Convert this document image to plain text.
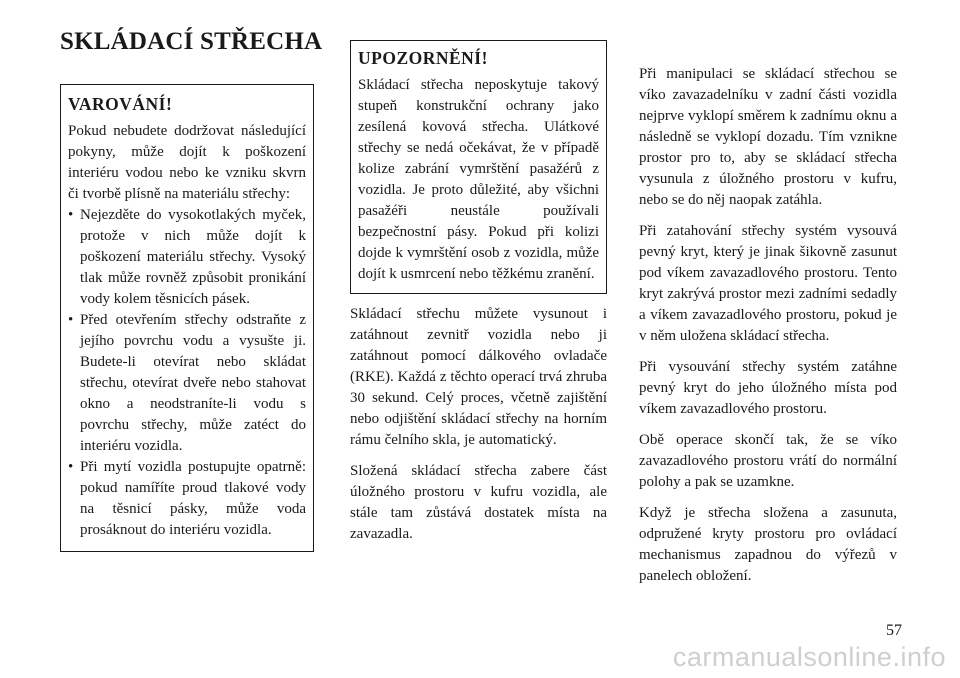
SKLÁDACÍ STŘECHA
VAROVÁNÍ!

Pokud nebudete dodržovat následující pokyny, může dojít k poškození interiéru vodou nebo ke vzniku skvrn či tvorbě plísně na materiálu střechy:

• Nejezděte do vysokotlakých myček, protože v nich může dojít k poškození materiálu střechy. Vysoký tlak může rovněž způsobit pronikání vody kolem těsnicích pásek.
• Před otevřením střechy odstraňte z jejího povrchu vodu a vysušte ji. Budete-li otevírat nebo skládat střechu, otevírat dveře nebo stahovat okno a neodstraníte-li vodu s povrchu střechy, může zatéct do interiéru vozidla.
• Při mytí vozidla postupujte opatrně: pokud namíříte proud tlakové vody na těsnicí pásky, může voda prosáknout do interiéru vozidla.
UPOZORNĚNÍ!

Skládací střecha neposkytuje takový stupeň konstrukční ochrany jako zesílená kovová střecha. Ulátkové střechy se nedá očekávat, že v případě kolize zabrání vymrštění pasažérů z vozidla. Je proto důležité, aby všichni pasažéři neustále používali bezpečnostní pásy. Pokud při kolizi dojde k vymrštění osob z vozidla, může dojít k usmrcení nebo těžkému zranění.

Skládací střechu můžete vysunout i zatáhnout zevnitř vozidla nebo ji zatáhnout pomocí dálkového ovladače (RKE). Každá z těchto operací trvá zhruba 30 sekund. Celý proces, včetně zajištění nebo odjištění skládací střechy na horním rámu čelního skla, je automatický.

Složená skládací střecha zabere část úložného prostoru v kufru vozidla, ale stále tam zůstává dostatek místa na zavazadla.

Při manipulaci se skládací střechou se víko zavazadelníku v zadní části vozidla nejprve vyklopí směrem k zadnímu oknu a následně se vyklopí dozadu. Tím vznikne prostor pro to, aby se skládací střecha vysunula z úložného prostoru v kufru, nebo se do něj naopak zatáhla.

Při zatahování střechy systém vysouvá pevný kryt, který je jinak šikovně zasunut pod víkem zavazadlového prostoru. Tento kryt zakrývá prostor mezi zadními sedadly a víkem zavazadlového prostoru, pokud je v něm uložena skládací střecha.

Při vysouvání střechy systém zatáhne pevný kryt do jeho úložného místa pod víkem zavazadlového prostoru.

Obě operace skončí tak, že se víko zavazadlového prostoru vrátí do normální polohy a pak se uzamkne.

Když je střecha složena a zasunuta, odpružené kryty prostoru pro ovládací mechanismus zapadnou do výřezů v panelech obložení.

57
carmanualsonline.info
